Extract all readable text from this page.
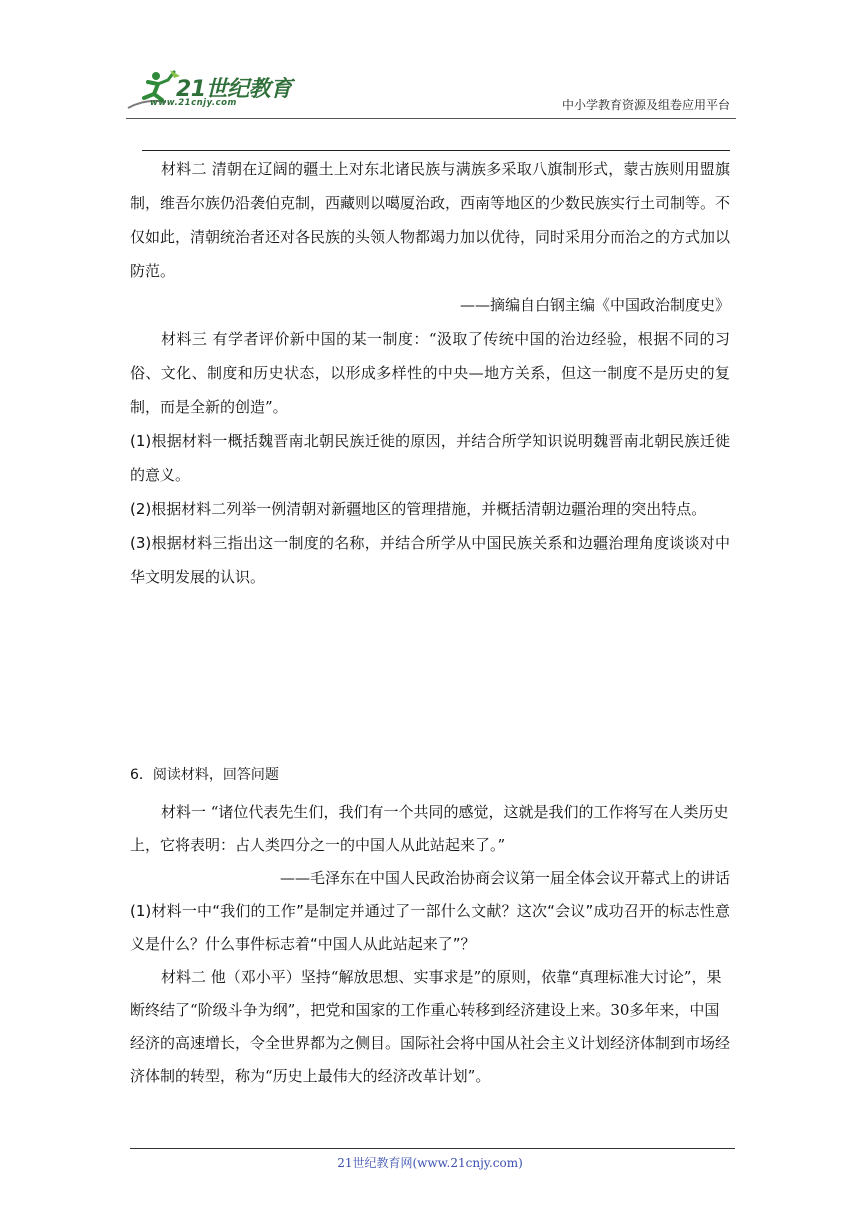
21世纪教育
www.21cnjy.com	中小学教育资源及组卷应用平台

材料二 清朝在辽阔的疆土上对东北诸民族与满族多采取八旗制形式，蒙古族则用盟旗制，维吾尔族仍沿袭伯克制，西藏则以噶厦治政，西南等地区的少数民族实行土司制等。不仅如此，清朝统治者还对各民族的头领人物都竭力加以优待，同时采用分而治之的方式加以防范。

——摘编自白钢主编《中国政治制度史》

材料三 有学者评价新中国的某一制度：“汲取了传统中国的治边经验，根据不同的习俗、文化、制度和历史状态，以形成多样性的中央—地方关系，但这一制度不是历史的复制，而是全新的创造”。

(1)根据材料一概括魏晋南北朝民族迁徙的原因，并结合所学知识说明魏晋南北朝民族迁徙的意义。

(2)根据材料二列举一例清朝对新疆地区的管理措施，并概括清朝边疆治理的突出特点。

(3)根据材料三指出这一制度的名称，并结合所学从中国民族关系和边疆治理角度谈谈对中华文明发展的认识。

6．阅读材料，回答问题

材料一 “诸位代表先生们，我们有一个共同的感觉，这就是我们的工作将写在人类历史上，它将表明：占人类四分之一的中国人从此站起来了。”

——毛泽东在中国人民政治协商会议第一届全体会议开幕式上的讲话

(1)材料一中“我们的工作”是制定并通过了一部什么文献？这次“会议”成功召开的标志性意义是什么？什么事件标志着“中国人从此站起来了”？

材料二 他（邓小平）坚持“解放思想、实事求是”的原则，依靠“真理标准大讨论”，果断终结了“阶级斗争为纲”，把党和国家的工作重心转移到经济建设上来。30多年来，中国经济的高速增长，令全世界都为之侧目。国际社会将中国从社会主义计划经济体制到市场经济体制的转型，称为“历史上最伟大的经济改革计划”。

21世纪教育网(www.21cnjy.com)
